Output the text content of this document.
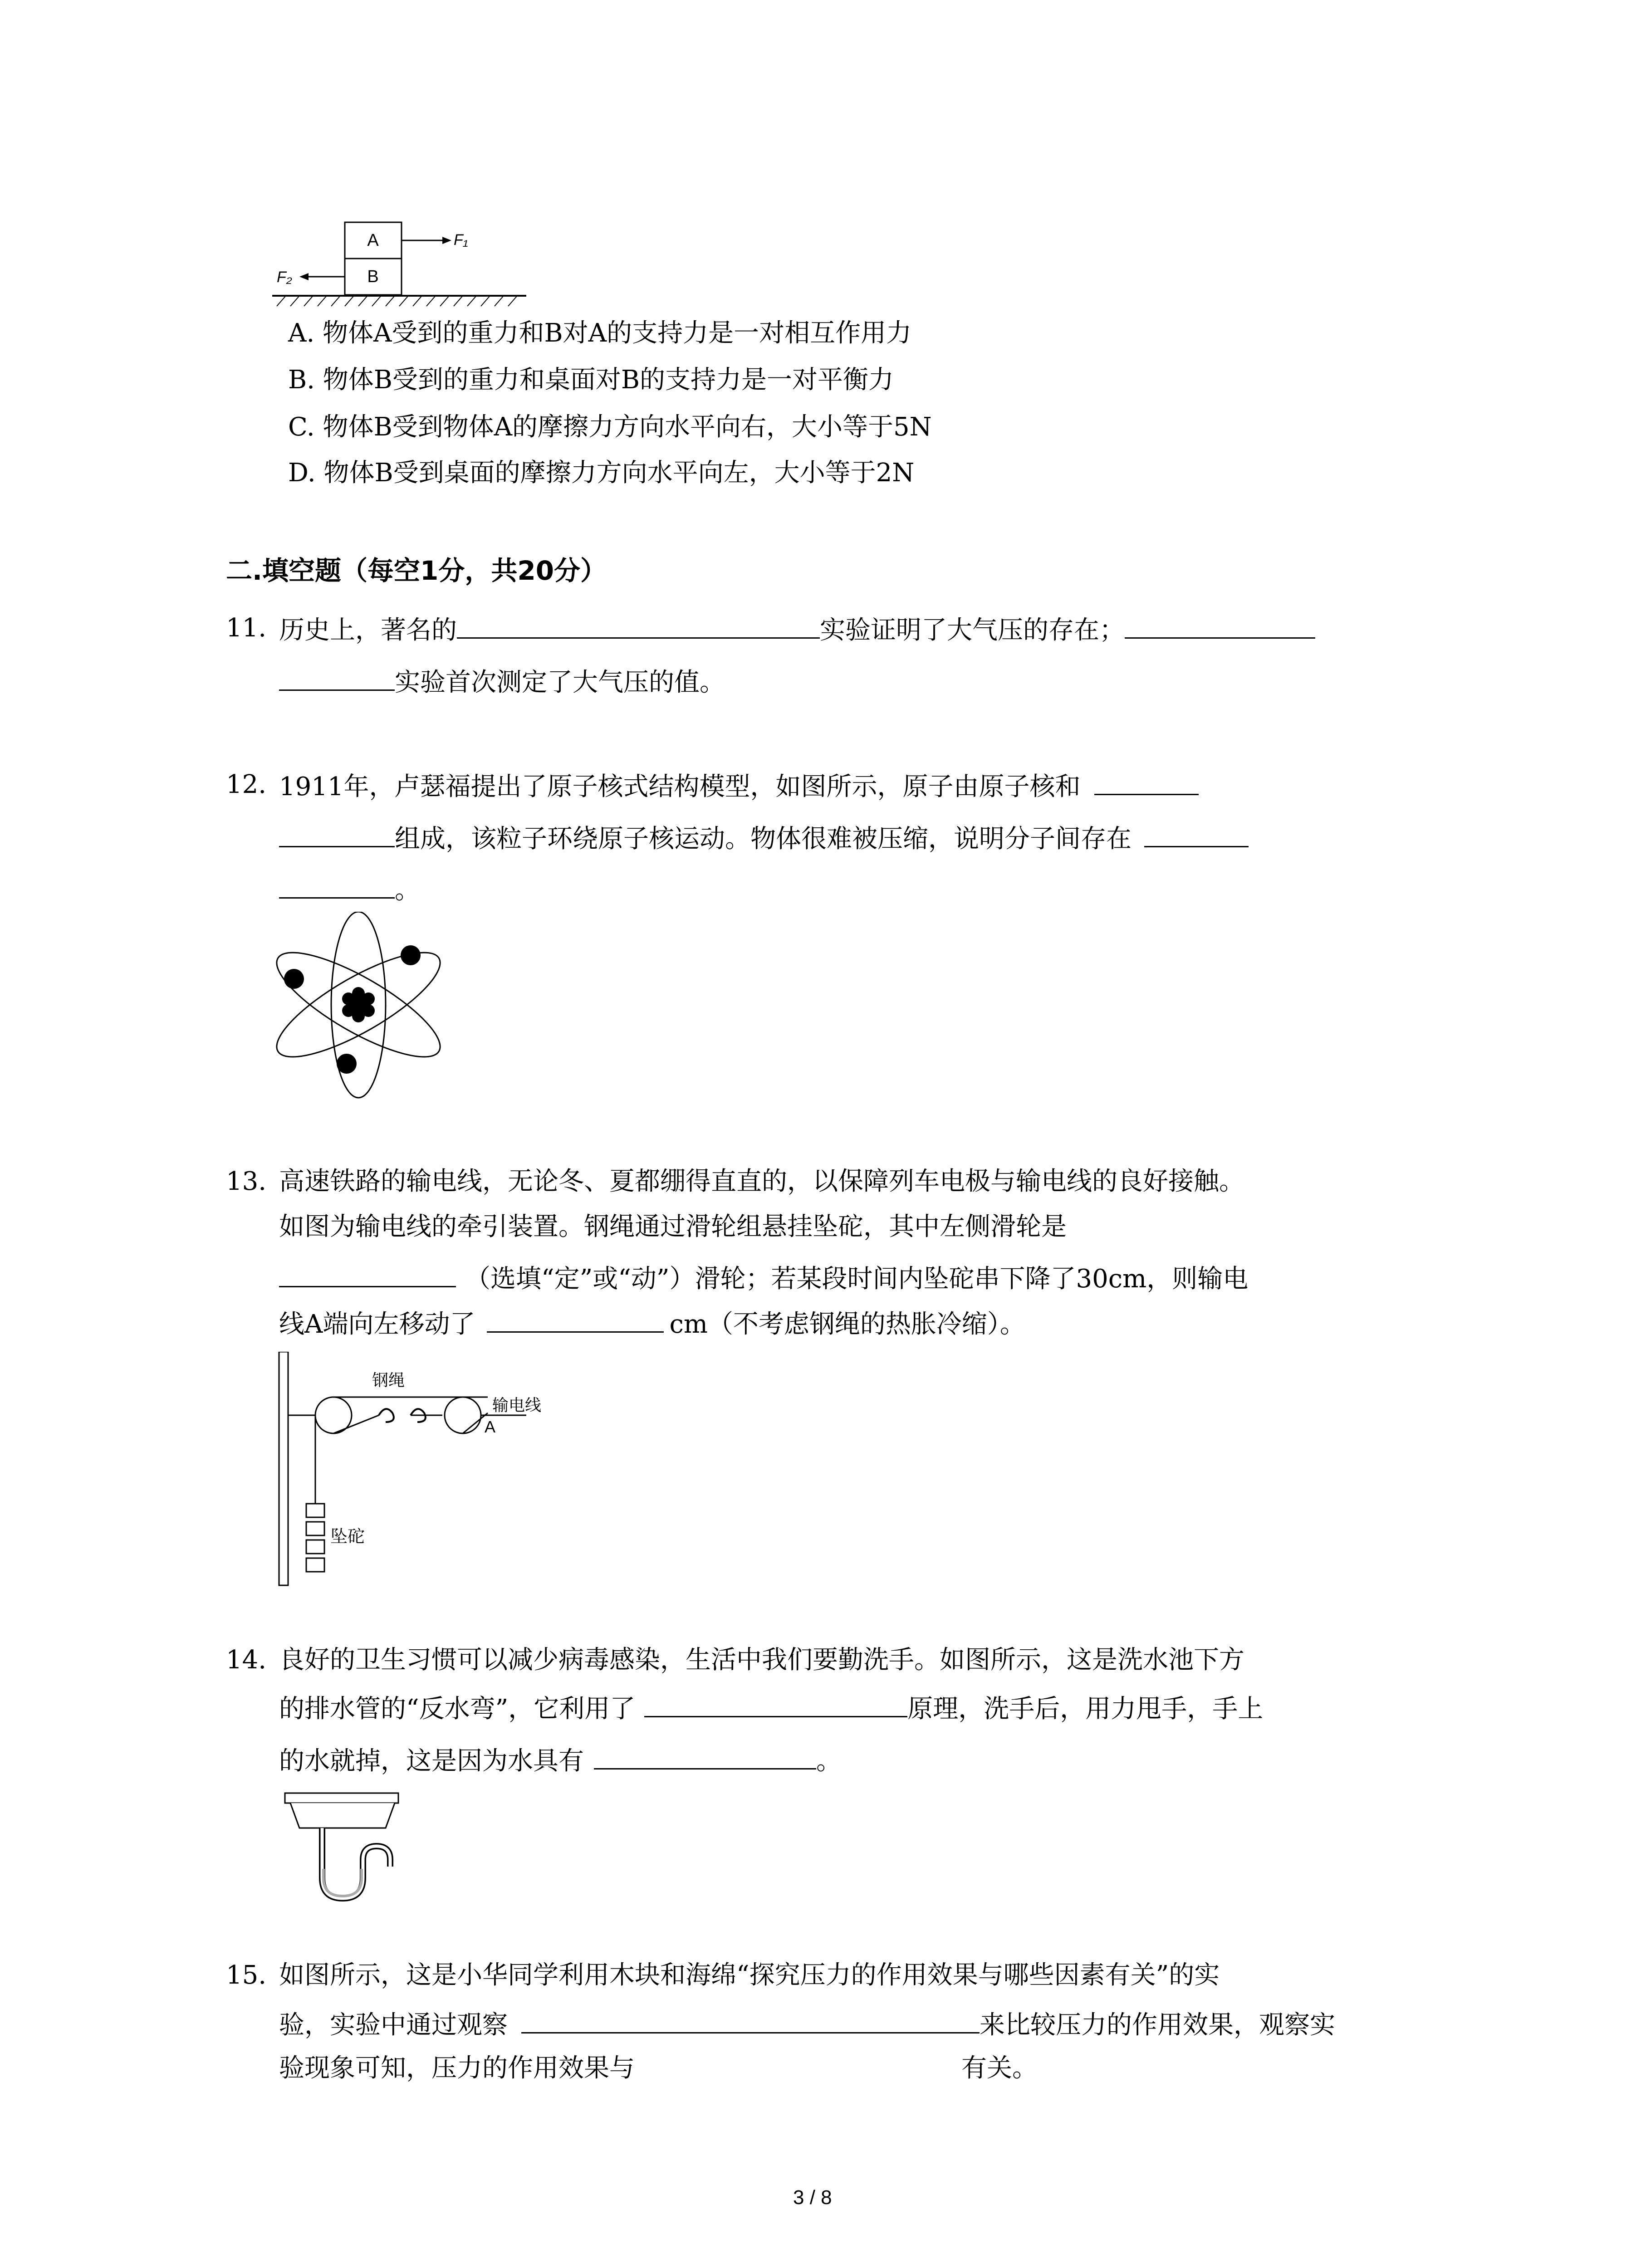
A
B
F₁
F₂
A. 物体A受到的重力和B对A的支持力是一对相互作用力
B. 物体B受到的重力和桌面对B的支持力是一对平衡力
C. 物体B受到物体A的摩擦力方向水平向右，大小等于5N
D. 物体B受到桌面的摩擦力方向水平向左，大小等于2N
二.填空题（每空1分，共20分）
11. 历史上，著名的	实验证明了大气压的存在；
实验首次测定了大气压的值。
12. 1911年，卢瑟福提出了原子核式结构模型，如图所示，原子由原子核和
组成，该粒子环绕原子核运动。物体很难被压缩，说明分子间存在
。
13. 高速铁路的输电线，无论冬、夏都绷得直直的，以保障列车电极与输电线的良好接触。
如图为输电线的牵引装置。钢绳通过滑轮组悬挂坠砣，其中左侧滑轮是
（选填“定”或“动”）滑轮；若某段时间内坠砣串下降了30cm，则输电
线A端向左移动了	cm（不考虑钢绳的热胀冷缩）。
钢绳
输电线
A
坠砣
14. 良好的卫生习惯可以减少病毒感染，生活中我们要勤洗手。如图所示，这是洗水池下方
的排水管的“反水弯”，它利用了	原理，洗手后，用力甩手，手上
的水就掉，这是因为水具有	。
15. 如图所示，这是小华同学利用木块和海绵“探究压力的作用效果与哪些因素有关”的实
验，实验中通过观察	来比较压力的作用效果，观察实
验现象可知，压力的作用效果与	有关。
3 / 8
